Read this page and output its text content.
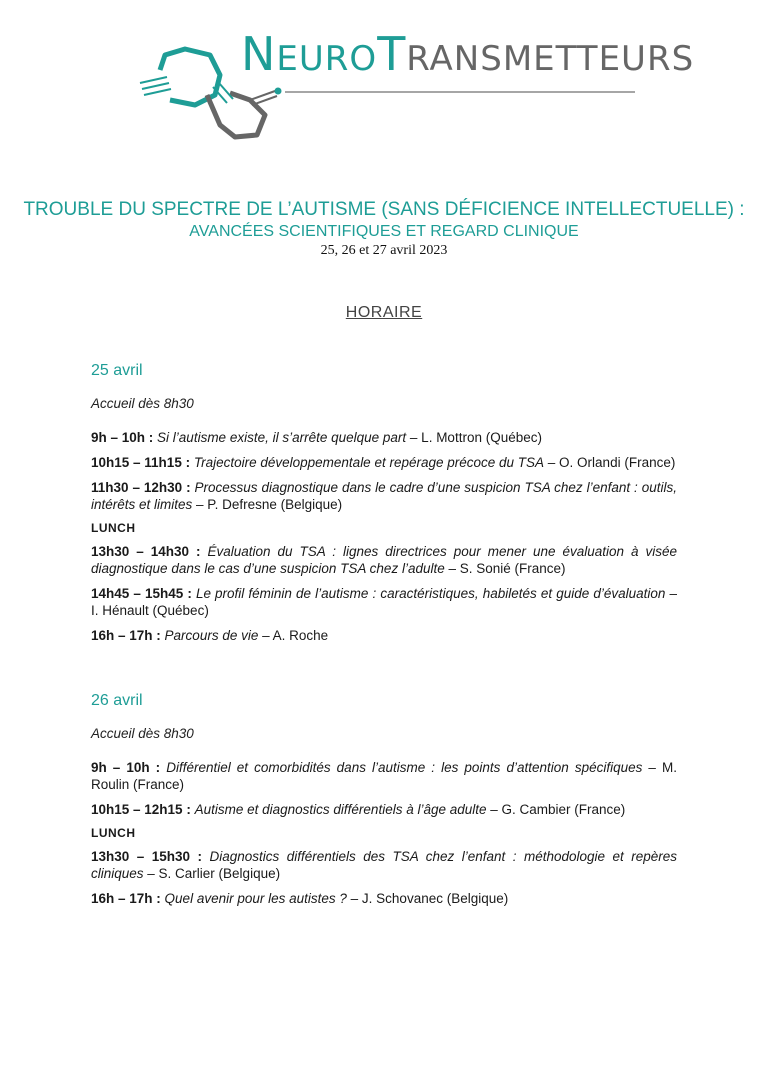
NEUROTRANSMETTEURS
TROUBLE DU SPECTRE DE L’AUTISME (SANS DÉFICIENCE INTELLECTUELLE) :
AVANCÉES SCIENTIFIQUES ET REGARD CLINIQUE
25, 26 et 27 avril 2023
HORAIRE
25 avril
Accueil dès 8h30
9h – 10h : Si l’autisme existe, il s’arrête quelque part – L. Mottron (Québec)
10h15 – 11h15 : Trajectoire développementale et repérage précoce du TSA – O. Orlandi (France)
11h30 – 12h30 : Processus diagnostique dans le cadre d’une suspicion TSA chez l’enfant : outils, intérêts et limites – P. Defresne (Belgique)
LUNCH
13h30 – 14h30 : Évaluation du TSA : lignes directrices pour mener une évaluation à visée diagnostique dans le cas d’une suspicion TSA chez l’adulte – S. Sonié (France)
14h45 – 15h45 : Le profil féminin de l’autisme : caractéristiques, habiletés et guide d’évaluation – I. Hénault (Québec)
16h – 17h : Parcours de vie – A. Roche
26 avril
Accueil dès 8h30
9h – 10h : Différentiel et comorbidités dans l’autisme : les points d’attention spécifiques – M. Roulin (France)
10h15 – 12h15 : Autisme et diagnostics différentiels à l’âge adulte – G. Cambier (France)
LUNCH
13h30 – 15h30 : Diagnostics différentiels des TSA chez l’enfant : méthodologie et repères cliniques – S. Carlier (Belgique)
16h – 17h : Quel avenir pour les autistes ? – J. Schovanec (Belgique)
